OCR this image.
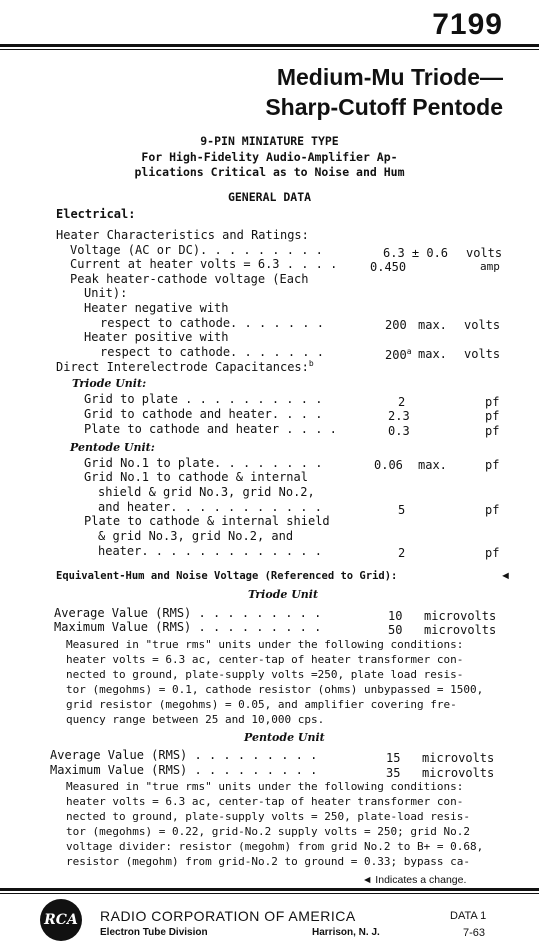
7199
Medium-Mu Triode—
Sharp-Cutoff Pentode
9-PIN MINIATURE TYPE
For High-Fidelity Audio-Amplifier Ap-
plications Critical as to Noise and Hum
GENERAL DATA
Electrical:
Heater Characteristics and Ratings:
Voltage (AC or DC). . . . . . . . .	6.3 ± 0.6 volts
Current at heater volts = 6.3 . . . .	0.450	amp
Peak heater-cathode voltage (Each
Unit):
Heater negative with
respect to cathode. . . . . . .	200 max. volts
Heater positive with
respect to cathode. . . . . . .	200$^a$ max. volts
Direct Interelectrode Capacitances:$^b$
Triode Unit:
Grid to plate . . . . . . . . . .	2	pf
Grid to cathode and heater. . . .	2.3	pf
Plate to cathode and heater . . . .	0.3	pf
Pentode Unit:
Grid No.1 to plate. . . . . . . .	0.06 max.	pf
Grid No.1 to cathode & internal
shield & grid No.3, grid No.2,
and heater. . . . . . . . . . .	5	pf
Plate to cathode & internal shield
& grid No.3, grid No.2, and
heater. . . . . . . . . . . . .	2	pf
Equivalent-Hum and Noise Voltage (Referenced to Grid):	◄
Triode Unit
Average Value (RMS) . . . . . . . . .	10 microvolts
Maximum Value (RMS) . . . . . . . . .	50 microvolts
Measured in "true rms" units under the following conditions:
heater volts = 6.3 ac, center-tap of heater transformer con-
nected to ground, plate-supply volts =250, plate load resis-
tor (megohms) = 0.1, cathode resistor (ohms) unbypassed = 1500,
grid resistor (megohms) = 0.05, and amplifier covering fre-
quency range between 25 and 10,000 cps.
Pentode Unit
Average Value (RMS) . . . . . . . . .	15 microvolts
Maximum Value (RMS) . . . . . . . . .	35 microvolts
Measured in "true rms" units under the following conditions:
heater volts = 6.3 ac, center-tap of heater transformer con-
nected to ground, plate-supply volts = 250, plate-load resis-
tor (megohms) = 0.22, grid-No.2 supply volts = 250; grid No.2
voltage divider: resistor (megohm) from grid No.2 to B+ = 0.68,
resistor (megohm) from grid-No.2 to ground = 0.33; bypass ca-
◄ Indicates a change.
RCA RADIO CORPORATION OF AMERICA
Electron Tube Division	Harrison, N. J.
DATA 1
7-63
